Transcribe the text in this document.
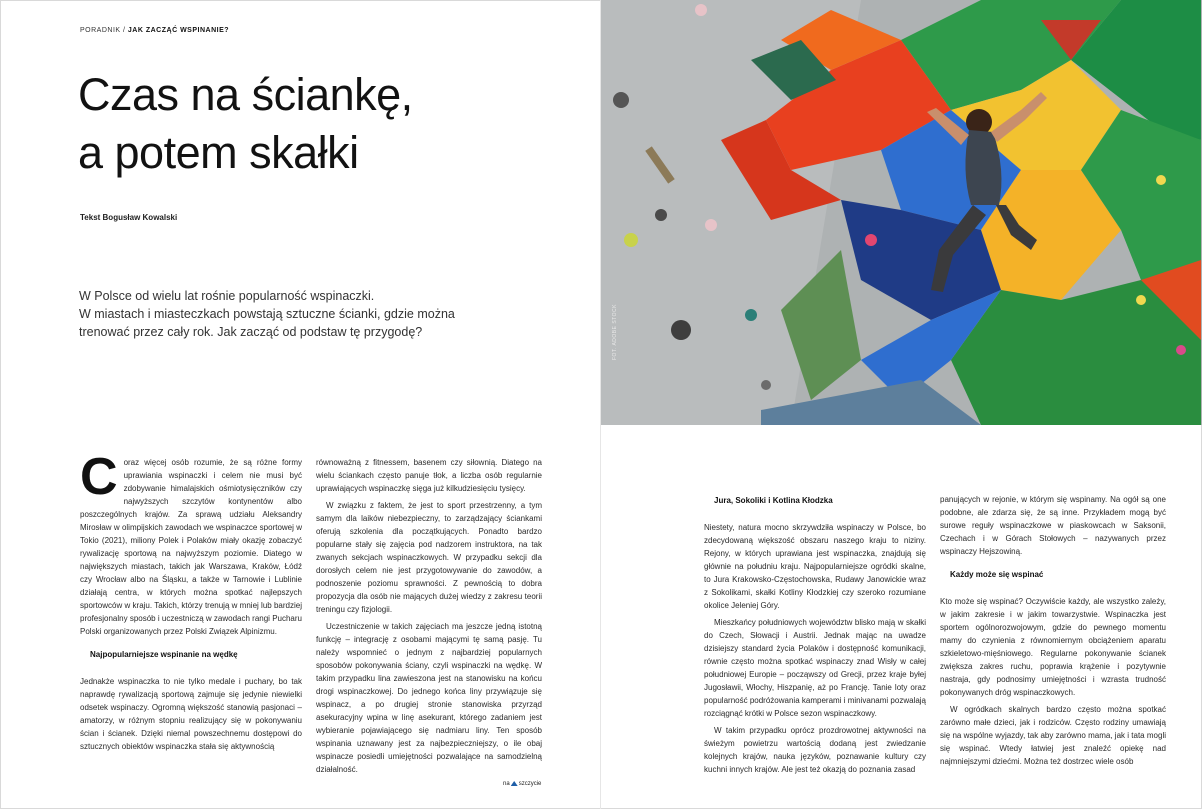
PORADNIK / JAK ZACZĄĆ WSPINANIE?
Czas na ściankę,
a potem skałki
Tekst Bogusław Kowalski
W Polsce od wielu lat rośnie popularność wspinaczki.
W miastach i miasteczkach powstają sztuczne ścianki, gdzie można
trenować przez cały rok. Jak zacząć od podstaw tę przygodę?
C oraz więcej osób rozumie, że są różne formy uprawiania wspinaczki i celem nie musi być zdobywanie himalajskich ośmiotysięczników czy najwyższych szczytów kontynentów albo poszczególnych krajów. Za sprawą udziału Aleksandry Mirosław w olimpijskich zawodach we wspinaczce sportowej w Tokio (2021), miliony Polek i Polaków miały okazję zobaczyć rywalizację sportową na najwyższym poziomie. Diatego w największych miastach, takich jak Warszawa, Kraków, Łódź czy Wrocław albo na Śląsku, a także w Tarnowie i Lublinie działają centra, w których można spotkać najlepszych sportowców w kraju. Takich, którzy trenują w mniej lub bardziej profesjonalny sposób i uczestniczą w zawodach rangi Pucharu Polski organizowanych przez Polski Związek Alpinizmu.

Najpopularniejsze wspinanie na wędkę

Jednakże wspinaczka to nie tylko medale i puchary, bo tak naprawdę rywalizacją sportową zajmuje się jedynie niewielki odsetek wspinaczy. Ogromną większość stanowią pasjonaci – amatorzy, w różnym stopniu realizujący się w pokonywaniu ścian i ścianek. Dzięki niemal powszechnemu dostępowi do sztucznych obiektów wspinaczka stała się aktywnością

równoważną z fitnessem, basenem czy siłownią. Diatego na wielu ściankach często panuje tłok, a liczba osób regularnie uprawiających wspinaczkę sięga już kilkudziesięciu tysięcy.

W związku z faktem, że jest to sport przestrzenny, a tym samym dla laików niebezpieczny, to zarządzający ściankami oferują szkolenia dla początkujących. Ponadto bardzo popularne stały się zajęcia pod nadzorem instruktora, na tak zwanych sekcjach wspinaczkowych. W przypadku sekcji dla dorosłych celem nie jest przygotowywanie do zawodów, a podnoszenie poziomu sprawności. Z pewnością to dobra propozycja dla osób nie mających dużej wiedzy z zakresu teorii treningu czy fizjologii.

Uczestniczenie w takich zajęciach ma jeszcze jedną istotną funkcję – integrację z osobami mającymi tę samą pasję. Tu należy wspomnieć o jednym z najbardziej popularnych sposobów pokonywania ściany, czyli wspinaczki na wędkę. W takim przypadku lina zawieszona jest na stanowisku na końcu drogi wspinaczkowej. Do jednego końca liny przywiązuje się wspinacz, a po drugiej stronie stanowiska przyrząd asekuracyjny wpina w linę asekurant, którego zadaniem jest wybieranie pojawiającego się nadmiaru liny. Ten sposób wspinania uznawany jest za najbezpieczniejszy, o ile obaj wspinacze posiedli umiejętności pozwalające na samodzielną działalność.

Jura, Sokoliki i Kotlina Kłodzka

Niestety, natura mocno skrzywdziła wspinaczy w Polsce, bo zdecydowaną większość obszaru naszego kraju to niziny. Rejony, w których uprawiana jest wspinaczka, znajdują się głównie na południu kraju. Najpopularniejsze ogródki skalne, to Jura Krakowsko-Częstochowska, Rudawy Janowickie wraz z Sokolikami, skałki Kotliny Kłodzkiej czy szeroko rozumiane okolice Jeleniej Góry.

Mieszkańcy południowych województw blisko mają w skałki do Czech, Słowacji i Austrii. Jednak mając na uwadze dzisiejszy standard życia Polaków i dostępność komunikacji, równie często można spotkać wspinaczy znad Wisły w całej południowej Europie – począwszy od Grecji, przez kraje byłej Jugosławii, Włochy, Hiszpanię, aż po Francję. Tanie loty oraz popularność podróżowania kamperami i minivanami pozwalają rozciągnąć krótki w Polsce sezon wspinaczkowy.

W takim przypadku oprócz prozdrowotnej aktywności na świeżym powietrzu wartością dodaną jest zwiedzanie kolejnych krajów, nauka języków, poznawanie kultury czy kuchni innych krajów. Ale jest też okazją do poznania zasad

panujących w rejonie, w którym się wspinamy. Na ogół są one podobne, ale zdarza się, że są inne. Przykładem mogą być surowe reguły wspinaczkowe w piaskowcach w Saksonii, Czechach i w Górach Stołowych – nazywanych przez wspinaczy Hejszowiną.

Każdy może się wspinać

Kto może się wspinać? Oczywiście każdy, ale wszystko zależy, w jakim zakresie i w jakim towarzystwie. Wspinaczka jest sportem ogólnorozwojowym, gdzie do pewnego momentu mamy do czynienia z równomiernym obciążeniem aparatu szkieletowo-mięśniowego. Regularne pokonywanie ścianek zwiększa zakres ruchu, poprawia krążenie i pozytywnie nastraja, gdy podnosimy umiejętności i wzrasta trudność pokonywanych dróg wspinaczkowych.

W ogródkach skalnych bardzo często można spotkać zarówno małe dzieci, jak i rodziców. Często rodziny umawiają się na wspólne wyjazdy, tak aby zarówno mama, jak i tata mogli się wspinać. Wtedy łatwiej jest znaleźć opiekę nad najmniejszymi dziećmi. Można też dostrzec wiele osób

FOT. ADOBE STOCK
na szczycie
